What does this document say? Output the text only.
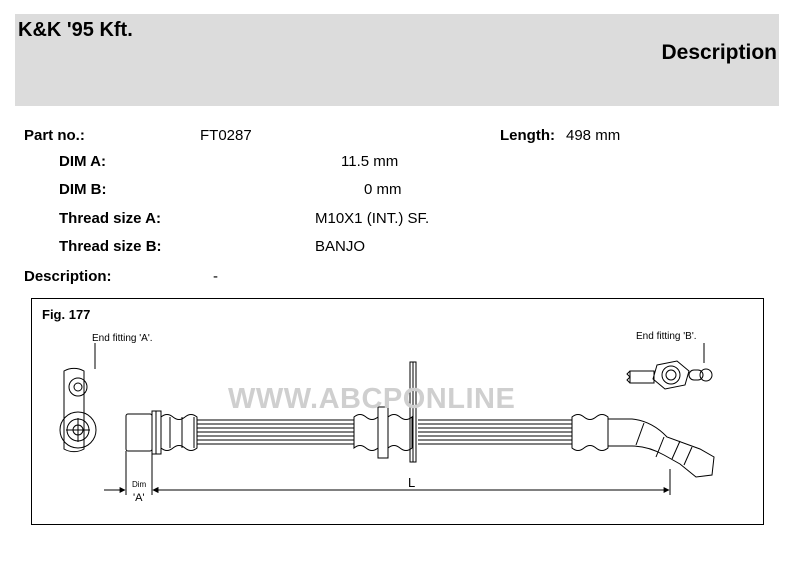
K&K '95 Kft.
Description
Part no.:	FT0287	Length: 498 mm
DIM A:	11.5 mm
DIM B:	0 mm
Thread size A:	M10X1 (INT.) SF.
Thread size B:	BANJO
Description:	-
Fig. 177
End fitting 'A'.	End fitting 'B'.
WWW.ABCPONLINE
Dim
'A'
L
